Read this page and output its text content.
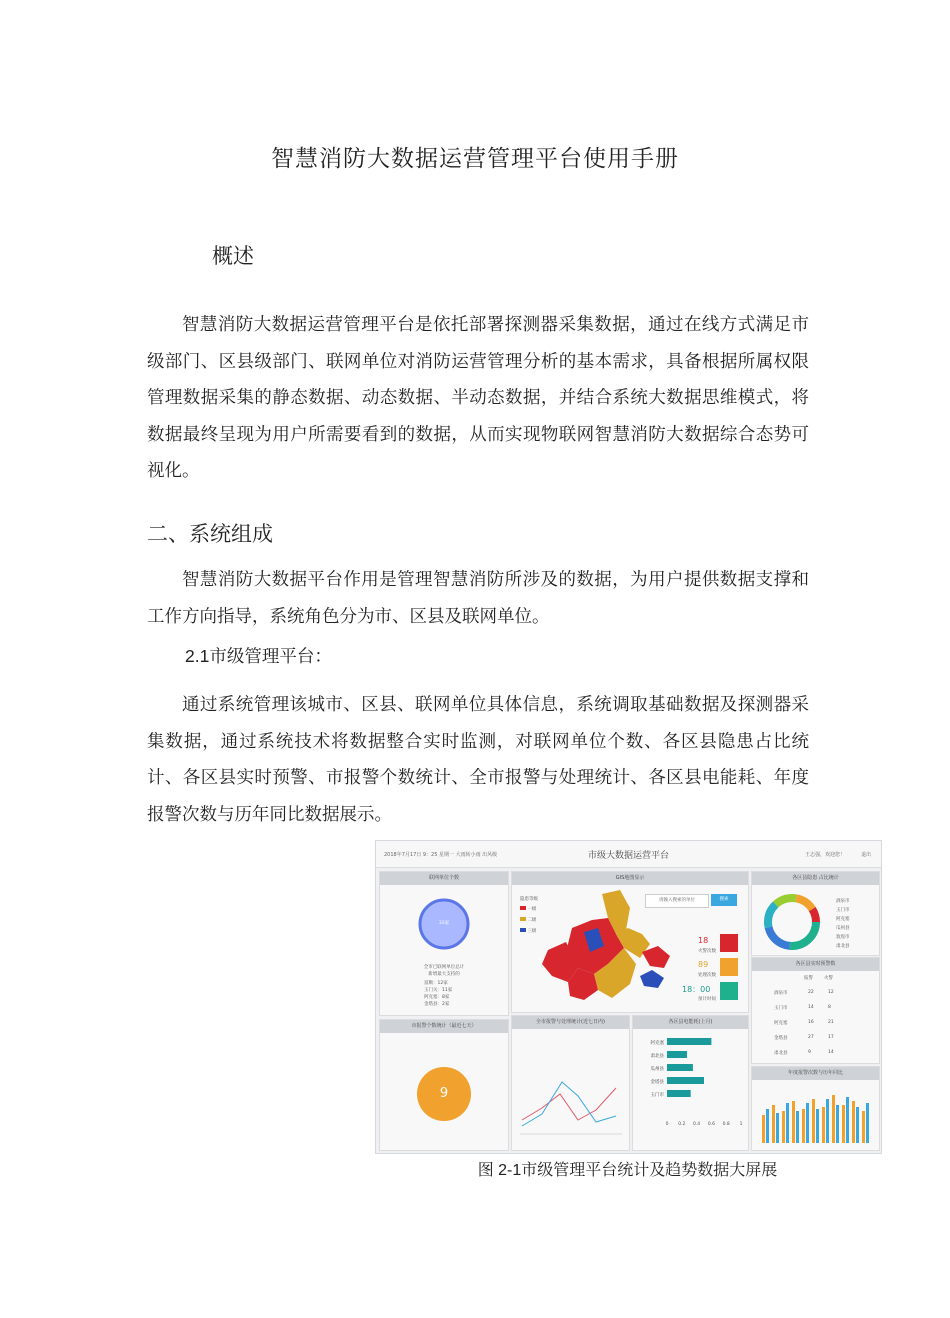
智慧消防大数据运营管理平台使用手册
概述

智慧消防大数据运营管理平台是依托部署探测器采集数据，通过在线方式满足市级部门、区县级部门、联网单位对消防运营管理分析的基本需求，具备根据所属权限管理数据采集的静态数据、动态数据、半动态数据，并结合系统大数据思维模式，将数据最终呈现为用户所需要看到的数据，从而实现物联网智慧消防大数据综合态势可视化。

二、系统组成

智慧消防大数据平台作用是管理智慧消防所涉及的数据，为用户提供数据支撑和工作方向指导，系统角色分为市、区县及联网单位。

2.1市级管理平台：

通过系统管理该城市、区县、联网单位具体信息，系统调取基础数据及探测器采集数据，通过系统技术将数据整合实时监测，对联网单位个数、各区县隐患占比统计、各区县实时预警、市报警个数统计、全市报警与处理统计、各区县电能耗、年度报警次数与历年同比数据展示。

2018年7月17日 9：25 星期一 大雨转小雨 出风级	市级大数据运营平台	王志强，欢迎您！	退出
联网单位个数
33家
全市已联网单位总计
新增最大支持的
富顺：12家
玉门关：11家
阿克塞：8家
金塔县：2家
市报警个数统计（最近七天）
9
GIS地图显示
隐患等级
一级
二级
三级
请输入搜索的单位	搜索
18
火警次数
89
处理次数
18：00
预计时间
全市报警与处理统计(近七日内)	各区县电能耗(上月)
阿克塞
肃北县
瓜州县
金塔县
玉门市
0 0.2 0.4 0.6 0.8 1
各区县隐患 占比统计
酒泉市
玉门市
阿克塞
瓜州县
敦煌市
肃北县
各区县实时预警数
报警 火警
酒泉市	22	12
玉门市	14	8
阿克塞	16	21
金塔县	27	17
肃北县	9	14
年度报警次数与历年同比
图 2-1市级管理平台统计及趋势数据大屏展
